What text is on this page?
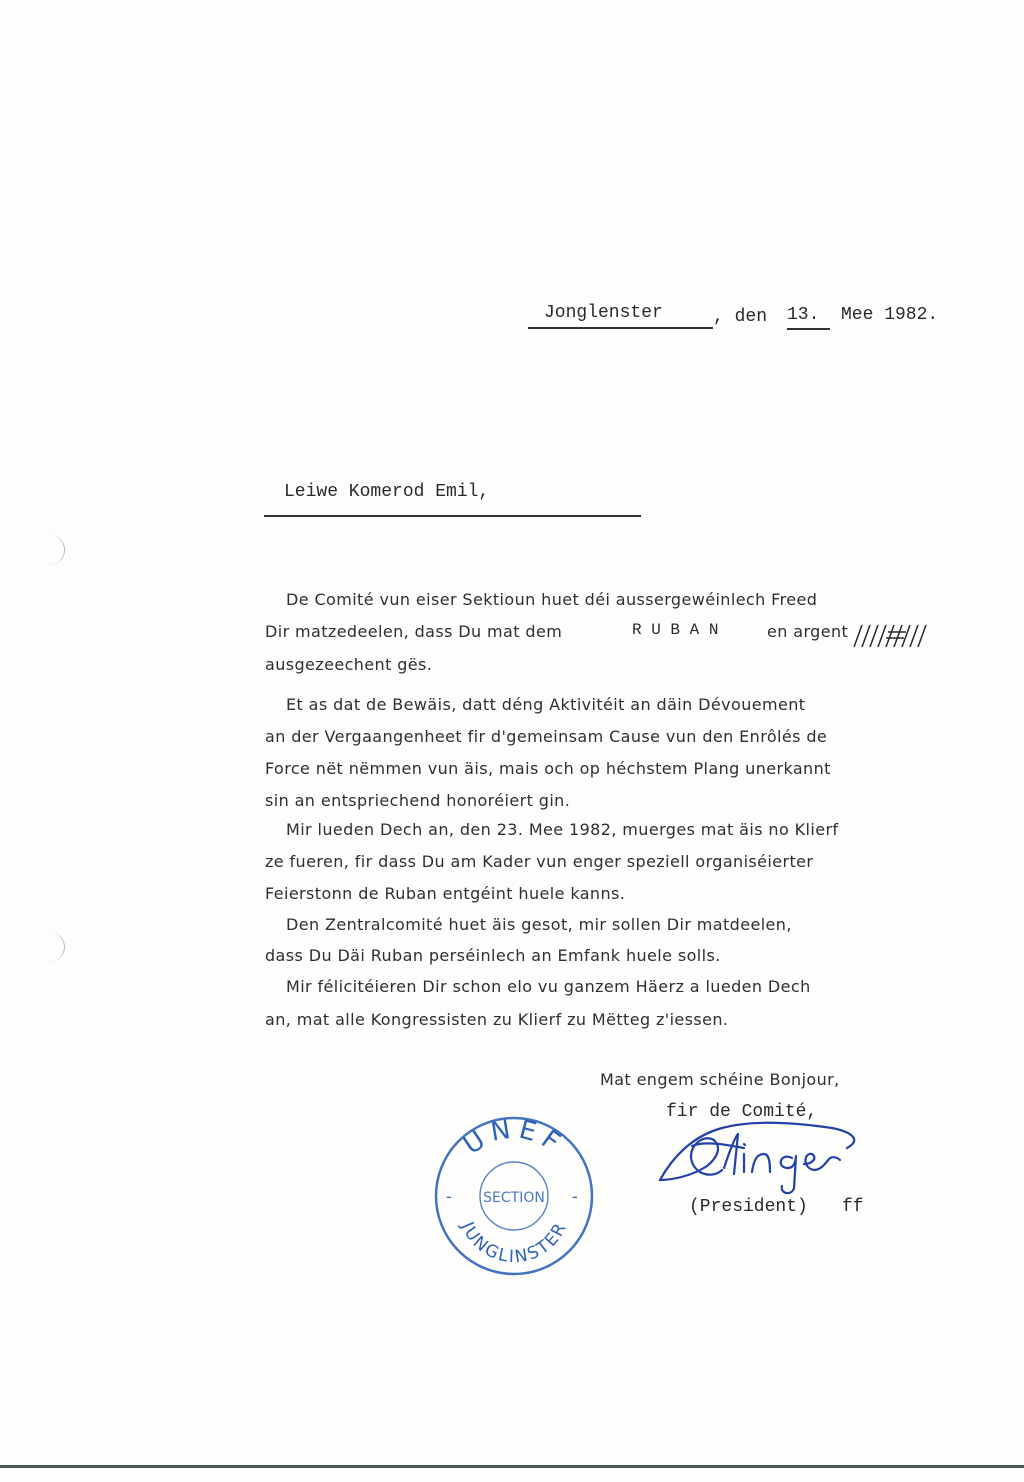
Jonglenster	, den 13. Mee 1982.
Leiwe Komerod Emil,
De Comité vun eiser Sektioun huet déi aussergewéinlech Freed
Dir matzedeelen, dass Du mat dem	R U B A N	en argent
ausgezeechent gës.
Et as dat de Bewäis, datt déng Aktivitéit an däin Dévouement
an der Vergaangenheet fir d'gemeinsam Cause vun den Enrôlés de
Force nët nëmmen vun äis, mais och op héchstem Plang unerkannt
sin an entspriechend honoréiert gin.
Mir lueden Dech an, den 23. Mee 1982, muerges mat äis no Klierf
ze fueren, fir dass Du am Kader vun enger speziell organiséierter
Feierstonn de Ruban entgéint huele kanns.
Den Zentralcomité huet äis gesot, mir sollen Dir matdeelen,
dass Du Däi Ruban perséinlech an Emfank huele solls.
Mir félicitéieren Dir schon elo vu ganzem Häerz a lueden Dech
an, mat alle Kongressisten zu Klierf zu Mëtteg z'iessen.
Mat engem schéine Bonjour,
fir de Comité,
UNEF
JUNGLINSTER
SECTION
-	-
(President) ff
